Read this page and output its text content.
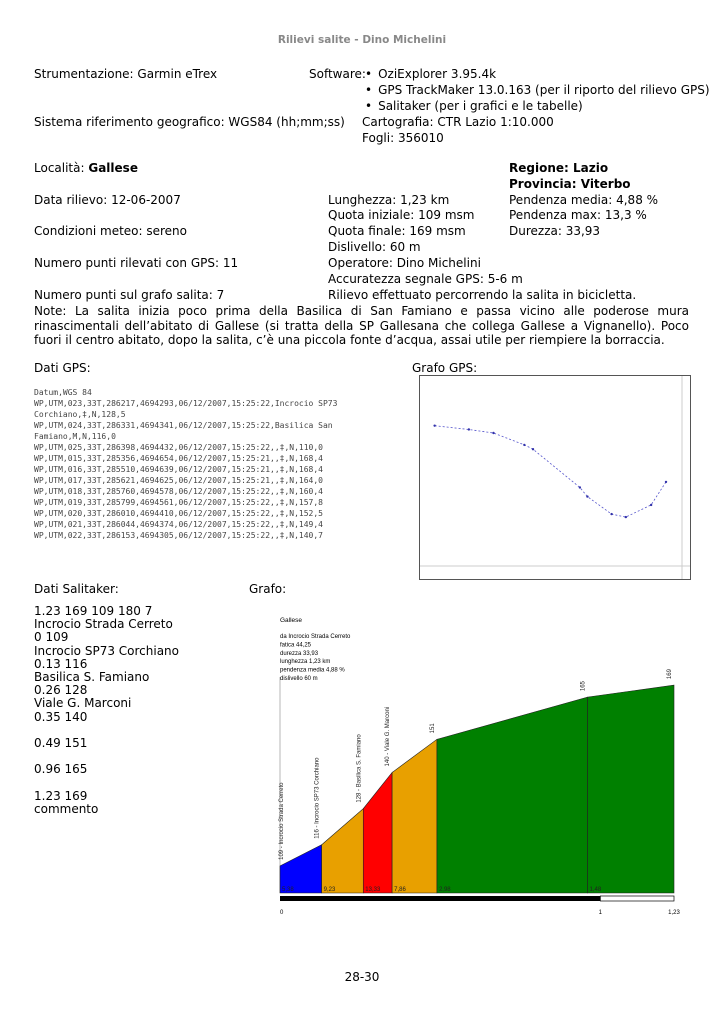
Rilievi salite - Dino Michelini
Strumentazione: Garmin eTrex	Software:
•	OziExplorer 3.95.4k
• GPS TrackMaker 13.0.163 (per il riporto del rilievo GPS)
• Salitaker (per i grafici e le tabelle)
Sistema riferimento geografico: WGS84 (hh;mm;ss) Cartografia: CTR Lazio 1:10.000
Fogli: 356010
Località: Gallese	Regione: Lazio
Provincia: Viterbo
Data rilievo: 12-06-2007	Lunghezza: 1,23 km	Pendenza media: 4,88 %
Quota iniziale: 109 msm	Pendenza max: 13,3 %
Condizioni meteo: sereno	Quota finale: 169 msm	Durezza: 33,93
Dislivello: 60 m
Numero punti rilevati con GPS: 11	Operatore: Dino Michelini
Accuratezza segnale GPS: 5-6 m
Numero punti sul grafo salita: 7	Rilievo effettuato percorrendo la salita in bicicletta.
Note: La salita inizia poco prima della Basilica di San Famiano e passa vicino alle poderose mura rinascimentali dell’abitato di Gallese (si tratta della SP Gallesana che collega Gallese a Vignanello). Poco fuori il centro abitato, dopo la salita, c’è una piccola fonte d’acqua, assai utile per riempiere la borraccia.
Dati GPS:	Grafo GPS:
Datum,WGS 84
WP,UTM,023,33T,286217,4694293,06/12/2007,15:25:22,Incrocio SP73
Corchiano,‡,N,128,5
WP,UTM,024,33T,286331,4694341,06/12/2007,15:25:22,Basilica San
Famiano,M,N,116,0
WP,UTM,025,33T,286398,4694432,06/12/2007,15:25:22,,‡,N,110,0
WP,UTM,015,33T,285356,4694654,06/12/2007,15:25:21,,‡,N,168,4
WP,UTM,016,33T,285510,4694639,06/12/2007,15:25:21,,‡,N,168,4
WP,UTM,017,33T,285621,4694625,06/12/2007,15:25:21,,‡,N,164,0
WP,UTM,018,33T,285760,4694578,06/12/2007,15:25:22,,‡,N,160,4
WP,UTM,019,33T,285799,4694561,06/12/2007,15:25:22,,‡,N,157,8
WP,UTM,020,33T,286010,4694410,06/12/2007,15:25:22,,‡,N,152,5
WP,UTM,021,33T,286044,4694374,06/12/2007,15:25:22,,‡,N,149,4
WP,UTM,022,33T,286153,4694305,06/12/2007,15:25:22,,‡,N,140,7
Dati Salitaker:	Grafo:
1.23 169 109 180 7
Incrocio Strada Cerreto
0 109
Incrocio SP73 Corchiano
0.13 116
Basilica S. Famiano
0.26 128
Viale G. Marconi
0.35 140
0.49 151
0.96 165
1.23 169
commento
5,38	9,23	13,33 7,86	2,98	1,48
109 - Incrocio Strada Cerreto	116 - Incrocio SP73 Corchiano	128 - Basilica S. Famiano	140 - Viale G. Marconi	151
165
169
Gallese
da Incrocio Strada Cerreto
fatica 44,25
durezza 33,93
lunghezza 1,23 km
pendenza media 4,88 %
dislivello 60 m
0	1	1,23
28-30
